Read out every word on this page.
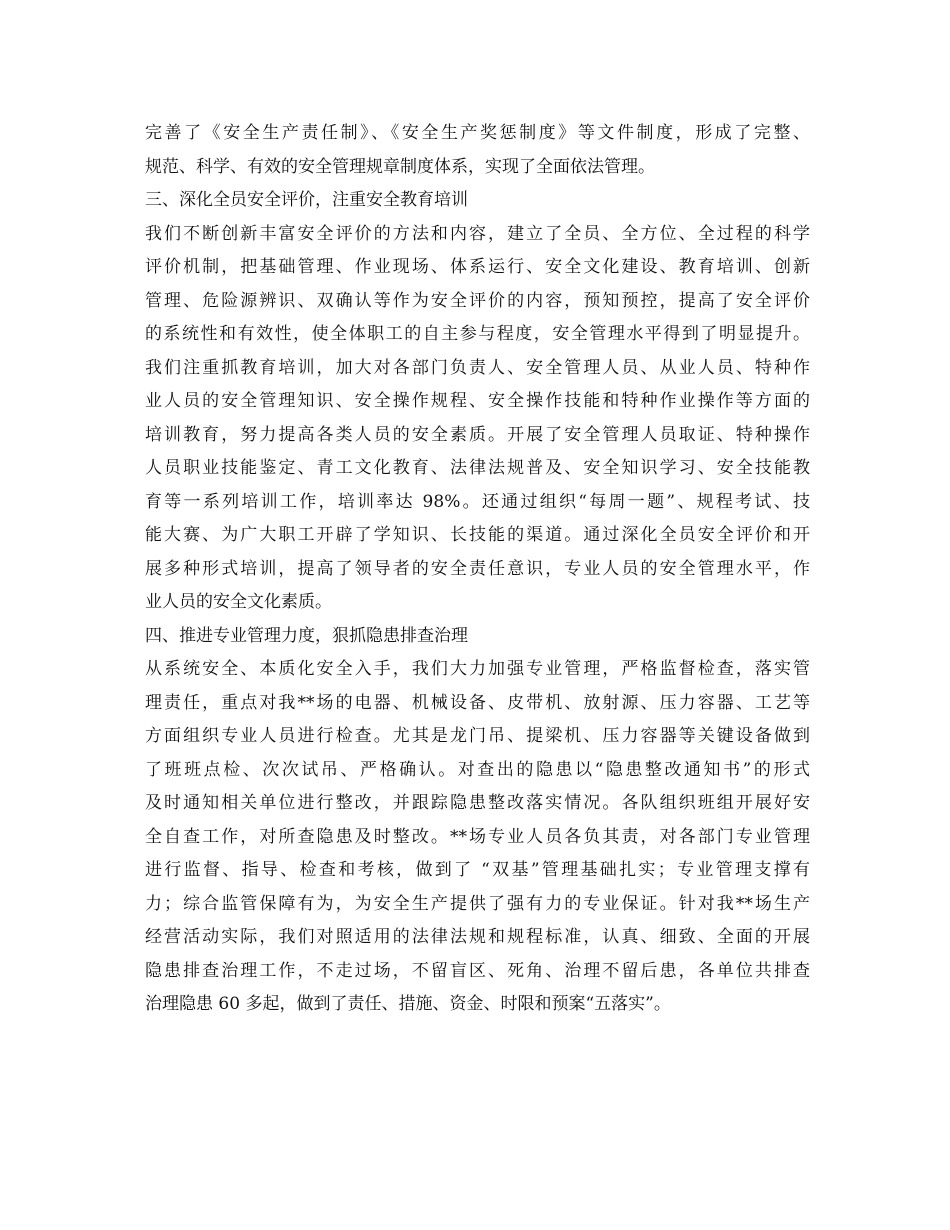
完善了《安全生产责任制》、《安全生产奖惩制度》等文件制度，形成了完整、
规范、科学、有效的安全管理规章制度体系，实现了全面依法管理。
三、深化全员安全评价，注重安全教育培训
我们不断创新丰富安全评价的方法和内容，建立了全员、全方位、全过程的科学
评价机制，把基础管理、作业现场、体系运行、安全文化建设、教育培训、创新
管理、危险源辨识、双确认等作为安全评价的内容，预知预控，提高了安全评价
的系统性和有效性，使全体职工的自主参与程度，安全管理水平得到了明显提升。
我们注重抓教育培训，加大对各部门负责人、安全管理人员、从业人员、特种作
业人员的安全管理知识、安全操作规程、安全操作技能和特种作业操作等方面的
培训教育，努力提高各类人员的安全素质。开展了安全管理人员取证、特种操作
人员职业技能鉴定、青工文化教育、法律法规普及、安全知识学习、安全技能教
育等一系列培训工作，培训率达 98%。还通过组织“每周一题”、规程考试、技
能大赛、为广大职工开辟了学知识、长技能的渠道。通过深化全员安全评价和开
展多种形式培训，提高了领导者的安全责任意识，专业人员的安全管理水平，作
业人员的安全文化素质。
四、推进专业管理力度，狠抓隐患排查治理
从系统安全、本质化安全入手，我们大力加强专业管理，严格监督检查，落实管
理责任，重点对我**场的电器、机械设备、皮带机、放射源、压力容器、工艺等
方面组织专业人员进行检查。尤其是龙门吊、提梁机、压力容器等关键设备做到
了班班点检、次次试吊、严格确认。对查出的隐患以“隐患整改通知书”的形式
及时通知相关单位进行整改，并跟踪隐患整改落实情况。各队组织班组开展好安
全自查工作，对所查隐患及时整改。**场专业人员各负其责，对各部门专业管理
进行监督、指导、检查和考核，做到了 “双基”管理基础扎实；专业管理支撑有
力；综合监管保障有为，为安全生产提供了强有力的专业保证。针对我**场生产
经营活动实际，我们对照适用的法律法规和规程标准，认真、细致、全面的开展
隐患排查治理工作，不走过场，不留盲区、死角、治理不留后患，各单位共排查
治理隐患 60 多起，做到了责任、措施、资金、时限和预案“五落实”。
